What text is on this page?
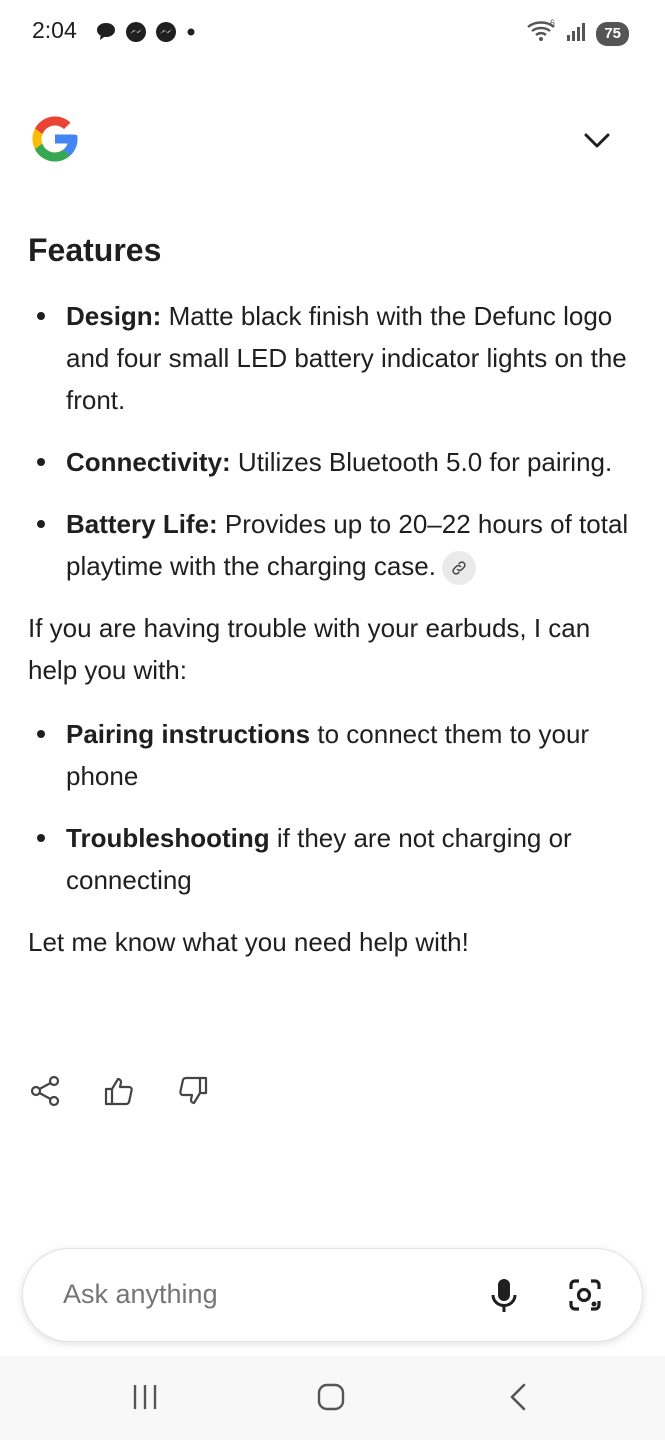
2:04	6
75
Features
Design: Matte black finish with the Defunc logo and four small LED battery indicator lights on the front.
Connectivity: Utilizes Bluetooth 5.0 for pairing.
Battery Life: Provides up to 20–22 hours of total playtime with the charging case.

If you are having trouble with your earbuds, I can help you with:

Pairing instructions to connect them to your phone
Troubleshooting if they are not charging or connecting

Let me know what you need help with!

Ask anything
